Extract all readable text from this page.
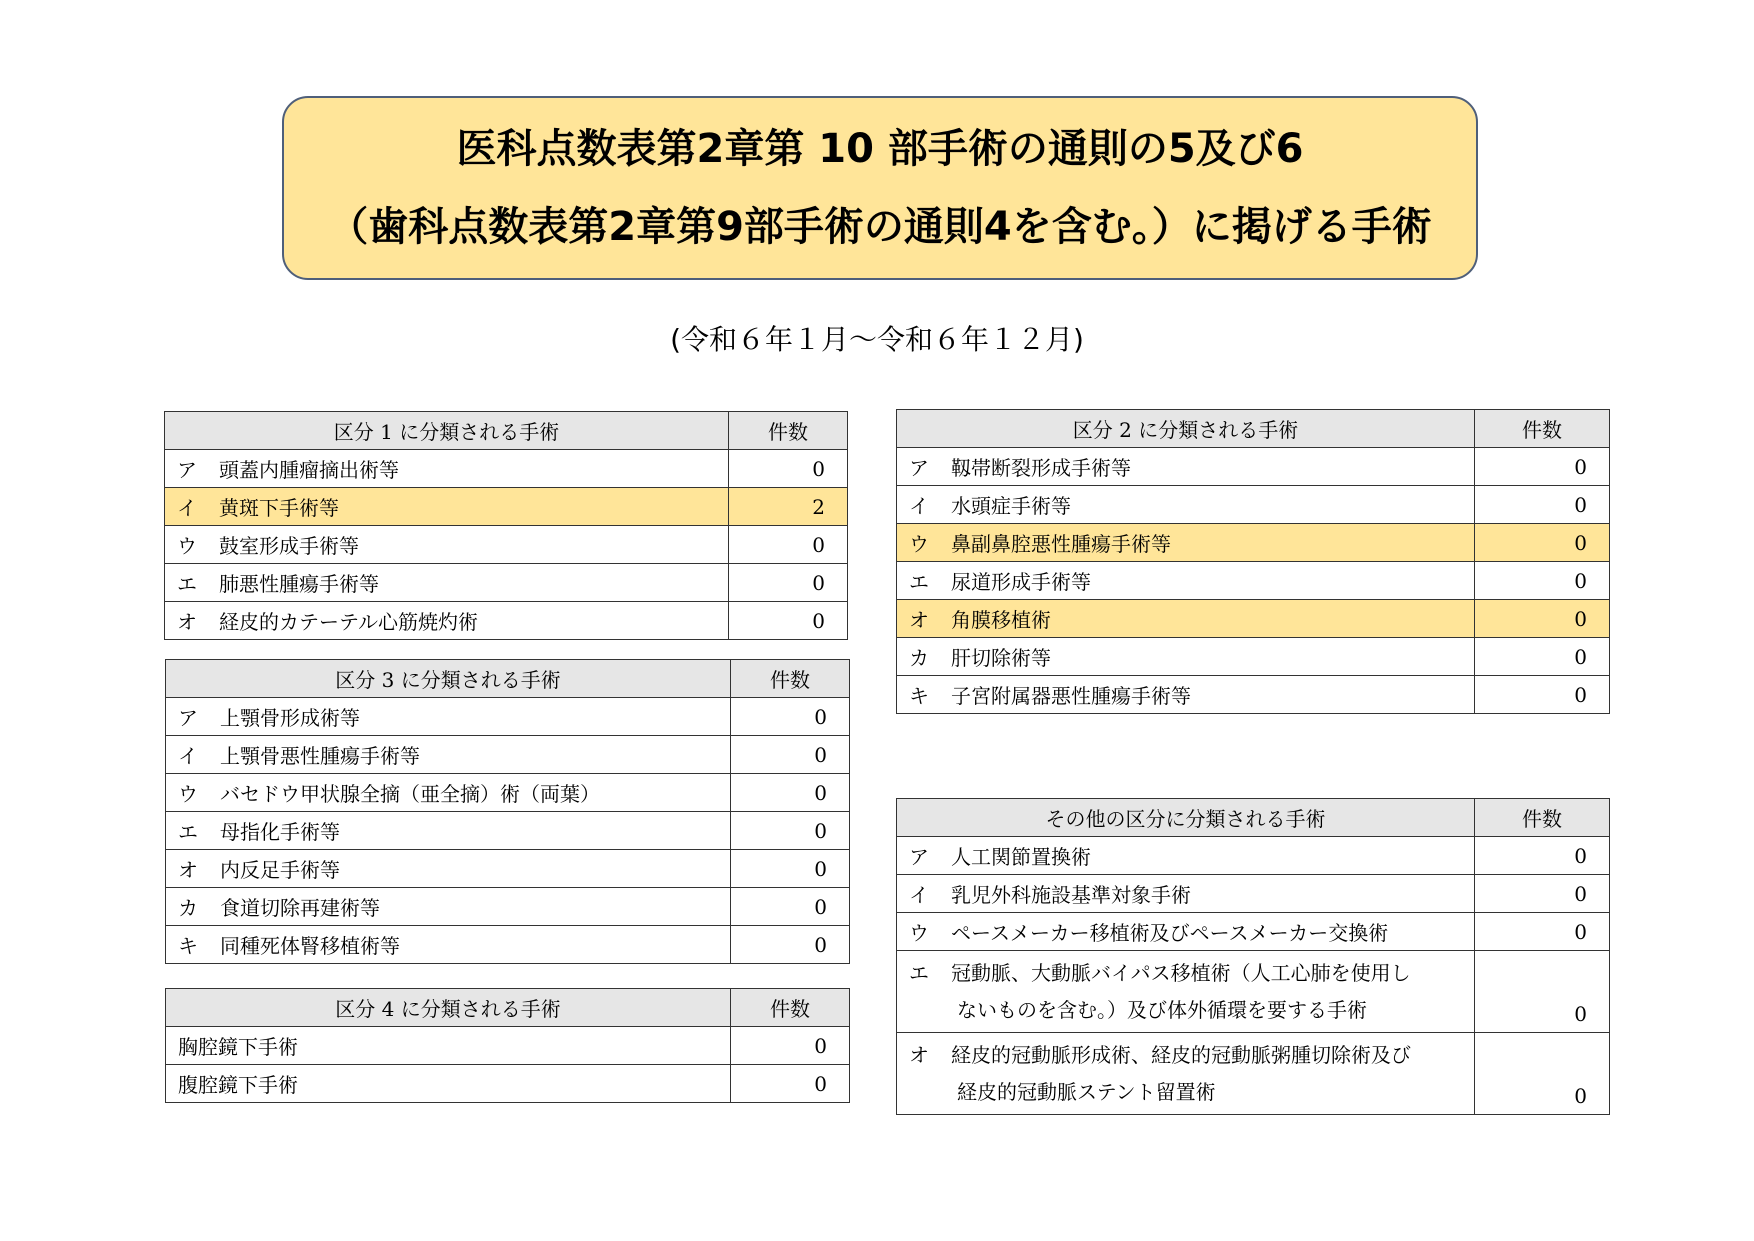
医科点数表第2章第 10 部手術の通則の5及び6
（歯科点数表第2章第9部手術の通則4を含む。）に掲げる手術
(令和６年１月～令和６年１２月)
区分 1 に分類される手術	件数
ア 頭蓋内腫瘤摘出術等	0
イ 黄斑下手術等	2
ウ 鼓室形成手術等	0
エ 肺悪性腫瘍手術等	0
オ 経皮的カテーテル心筋焼灼術	0
区分 2 に分類される手術	件数
ア 靱帯断裂形成手術等	0
イ 水頭症手術等	0
ウ 鼻副鼻腔悪性腫瘍手術等	0
エ 尿道形成手術等	0
オ 角膜移植術	0
カ 肝切除術等	0
キ 子宮附属器悪性腫瘍手術等	0
区分 3 に分類される手術	件数
ア 上顎骨形成術等	0
イ 上顎骨悪性腫瘍手術等	0
ウ バセドウ甲状腺全摘（亜全摘）術（両葉）	0
エ 母指化手術等	0
オ 内反足手術等	0
カ 食道切除再建術等	0
キ 同種死体腎移植術等	0
区分 4 に分類される手術	件数
胸腔鏡下手術	0
腹腔鏡下手術	0
その他の区分に分類される手術	件数
ア 人工関節置換術	0
イ 乳児外科施設基準対象手術	0
ウ ペースメーカー移植術及びペースメーカー交換術	0
エ 冠動脈、大動脈バイパス移植術（人工心肺を使用し
ないものを含む。）及び体外循環を要する手術	0
オ 経皮的冠動脈形成術、経皮的冠動脈粥腫切除術及び
経皮的冠動脈ステント留置術	0
